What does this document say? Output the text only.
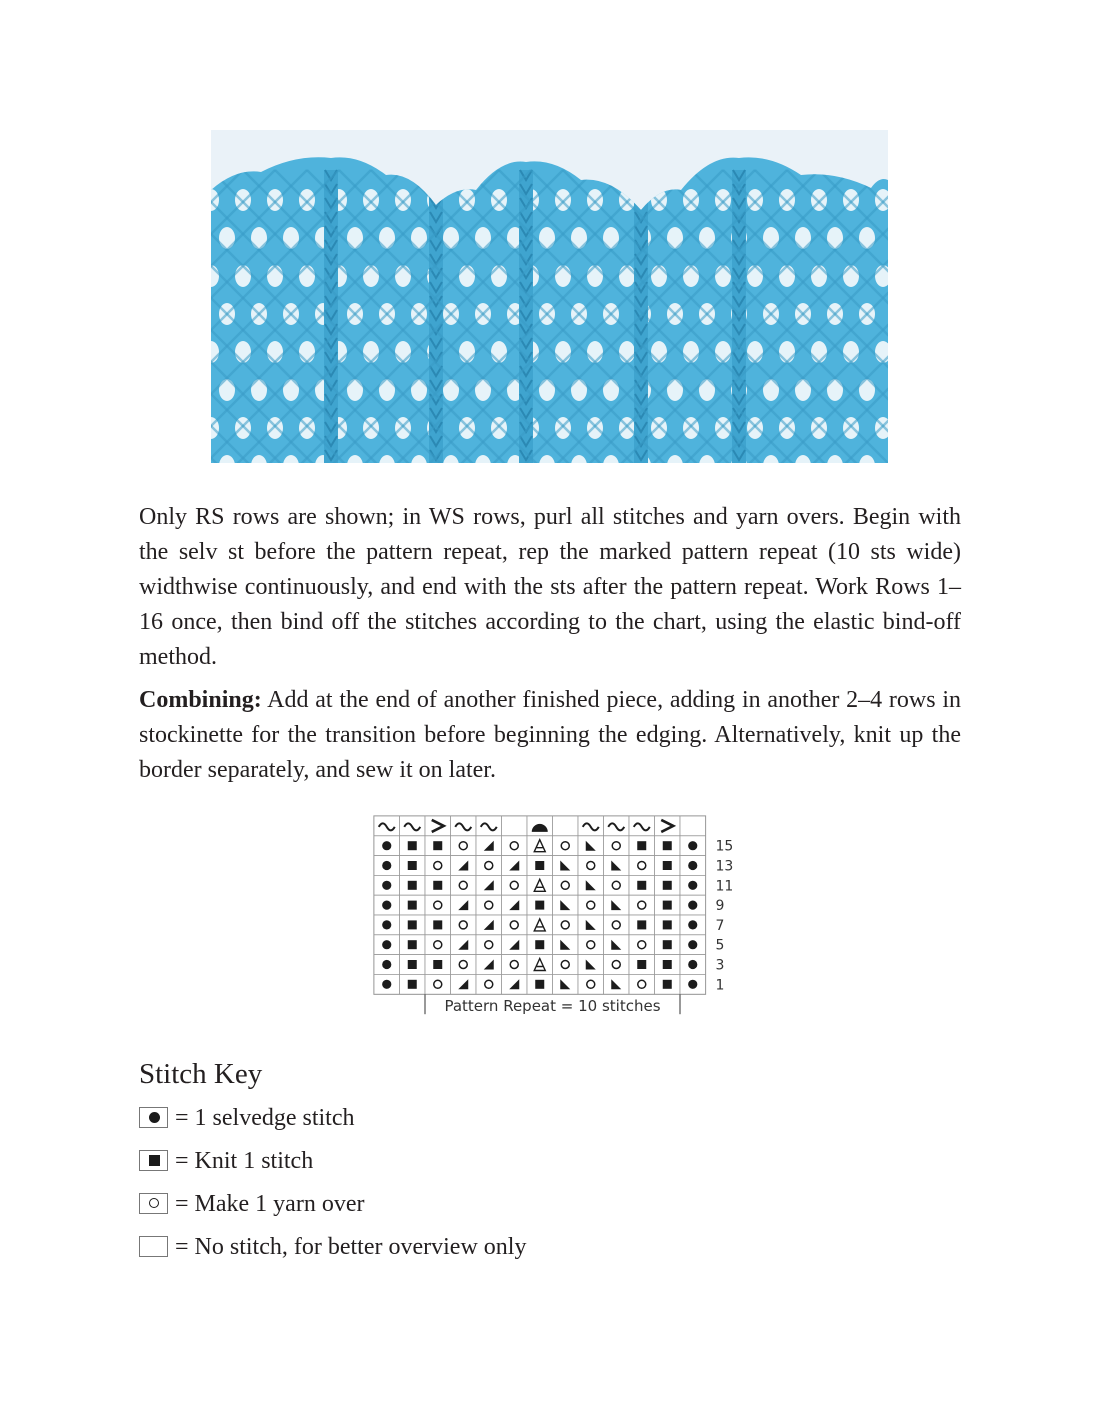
Only RS rows are shown; in WS rows, purl all stitches and yarn overs. Begin with the selv st before the pattern repeat, rep the marked pattern repeat (10 sts wide) widthwise continuously, and end with the sts after the pattern repeat. Work Rows 1–16 once, then bind off the stitches according to the chart, using the elastic bind-off method.

Combining: Add at the end of another finished piece, adding in another 2–4 rows in stockinette for the transition before beginning the edging. Alternatively, knit up the border separately, and sew it on later.

15
13
11
9
7
5
3
1
Pattern Repeat = 10 stitches
Stitch Key
= 1 selvedge stitch
= Knit 1 stitch
= Make 1 yarn over
= No stitch, for better overview only
